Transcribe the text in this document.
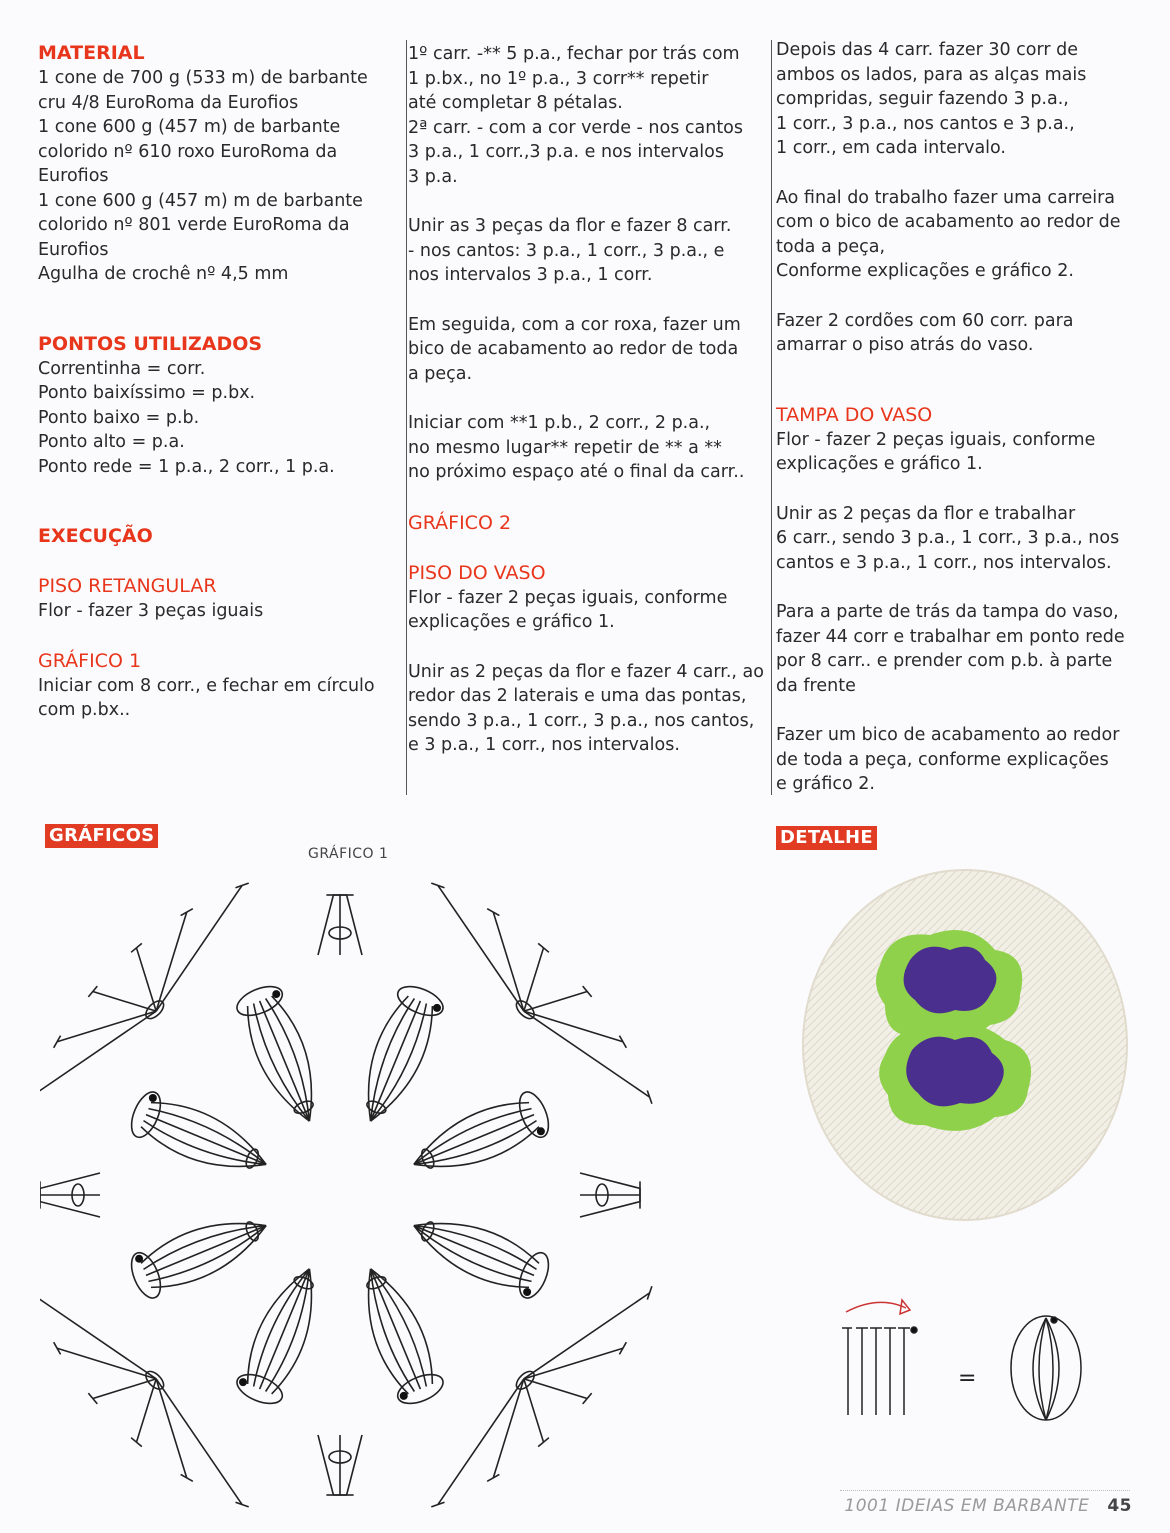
MATERIAL
1 cone de 700 g (533 m) de barbante
cru 4/8 EuroRoma da Eurofios
1 cone 600 g (457 m) de barbante
colorido nº 610 roxo EuroRoma da
Eurofios
1 cone 600 g (457 m) m de barbante
colorido nº 801 verde EuroRoma da
Eurofios
Agulha de crochê nº 4,5 mm
PONTOS UTILIZADOS
Correntinha = corr.
Ponto baixíssimo = p.bx.
Ponto baixo = p.b.
Ponto alto = p.a.
Ponto rede = 1 p.a., 2 corr., 1 p.a.
EXECUÇÃO
PISO RETANGULAR
Flor - fazer 3 peças iguais
GRÁFICO 1
Iniciar com 8 corr., e fechar em círculo
com p.bx..

1º carr. -** 5 p.a., fechar por trás com
1 p.bx., no 1º p.a., 3 corr** repetir
até completar 8 pétalas.
2ª carr. - com a cor verde - nos cantos
3 p.a., 1 corr.,3 p.a. e nos intervalos
3 p.a.

Unir as 3 peças da flor e fazer 8 carr.
- nos cantos: 3 p.a., 1 corr., 3 p.a., e
nos intervalos 3 p.a., 1 corr.

Em seguida, com a cor roxa, fazer um
bico de acabamento ao redor de toda
a peça.

Iniciar com **1 p.b., 2 corr., 2 p.a.,
no mesmo lugar** repetir de ** a **
no próximo espaço até o final da carr..

GRÁFICO 2
PISO DO VASO

Flor - fazer 2 peças iguais, conforme
explicações e gráfico 1.

Unir as 2 peças da flor e fazer 4 carr., ao
redor das 2 laterais e uma das pontas,
sendo 3 p.a., 1 corr., 3 p.a., nos cantos,
e 3 p.a., 1 corr., nos intervalos.

Depois das 4 carr. fazer 30 corr de
ambos os lados, para as alças mais
compridas, seguir fazendo 3 p.a.,
1 corr., 3 p.a., nos cantos e 3 p.a.,
1 corr., em cada intervalo.

Ao final do trabalho fazer uma carreira
com o bico de acabamento ao redor de
toda a peça,
Conforme explicações e gráfico 2.

Fazer 2 cordões com 60 corr. para
amarrar o piso atrás do vaso.

TAMPA DO VASO

Flor - fazer 2 peças iguais, conforme
explicações e gráfico 1.

Unir as 2 peças da flor e trabalhar
6 carr., sendo 3 p.a., 1 corr., 3 p.a., nos
cantos e 3 p.a., 1 corr., nos intervalos.

Para a parte de trás da tampa do vaso,
fazer 44 corr e trabalhar em ponto rede
por 8 carr.. e prender com p.b. à parte
da frente

Fazer um bico de acabamento ao redor
de toda a peça, conforme explicações
e gráfico 2.

GRÁFICOS	DETALHE
GRÁFICO 1
=
1001 IDEIAS EM BARBANTE 45
